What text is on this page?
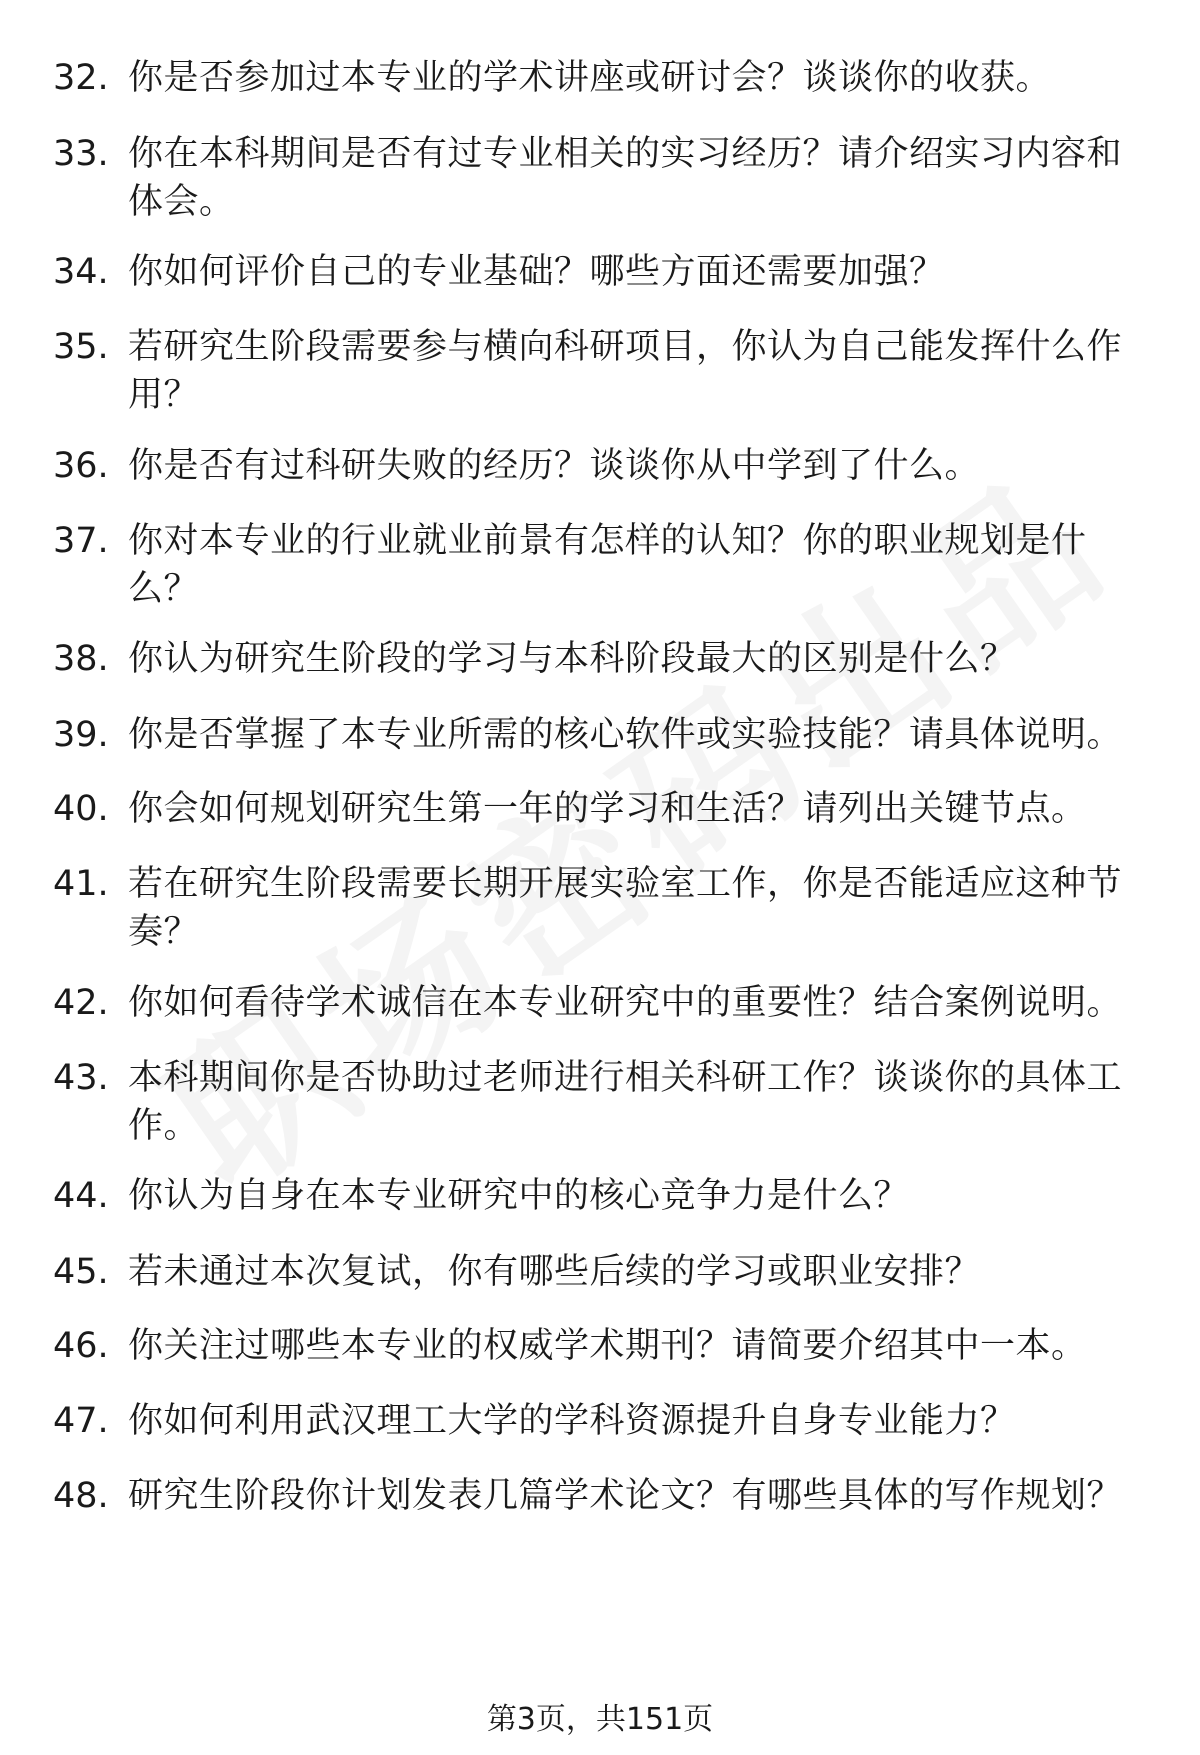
32. 你是否参加过本专业的学术讲座或研讨会？谈谈你的收获。
33. 你在本科期间是否有过专业相关的实习经历？请介绍实习内容和体会。
34. 你如何评价自己的专业基础？哪些方面还需要加强？
35. 若研究生阶段需要参与横向科研项目，你认为自己能发挥什么作用？
36. 你是否有过科研失败的经历？谈谈你从中学到了什么。
37. 你对本专业的行业就业前景有怎样的认知？你的职业规划是什么？
38. 你认为研究生阶段的学习与本科阶段最大的区别是什么？
39. 你是否掌握了本专业所需的核心软件或实验技能？请具体说明。
40. 你会如何规划研究生第一年的学习和生活？请列出关键节点。
41. 若在研究生阶段需要长期开展实验室工作，你是否能适应这种节奏？
42. 你如何看待学术诚信在本专业研究中的重要性？结合案例说明。
43. 本科期间你是否协助过老师进行相关科研工作？谈谈你的具体工作。
44. 你认为自身在本专业研究中的核心竞争力是什么？
45. 若未通过本次复试，你有哪些后续的学习或职业安排？
46. 你关注过哪些本专业的权威学术期刊？请简要介绍其中一本。
47. 你如何利用武汉理工大学的学科资源提升自身专业能力？
48. 研究生阶段你计划发表几篇学术论文？有哪些具体的写作规划？
第3页，共151页
